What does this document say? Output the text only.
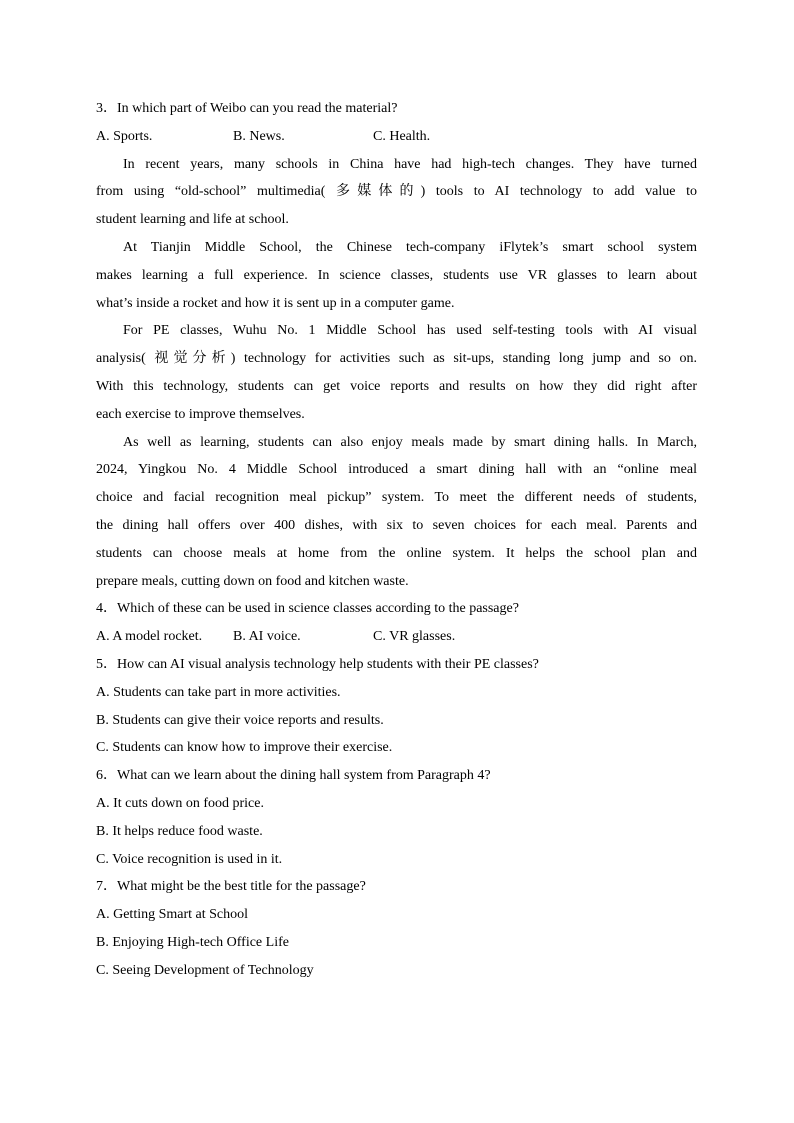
3．In which part of Weibo can you read the material?
A. Sports.	B. News.	C. Health.
In recent years, many schools in China have had high-tech changes. They have turned
from using “old-school” multimedia( 多媒体的) tools to AI technology to add value to
student learning and life at school.
At Tianjin Middle School, the Chinese tech-company iFlytek’s smart school system
makes learning a full experience. In science classes, students use VR glasses to learn about
what’s inside a rocket and how it is sent up in a computer game.
For PE classes, Wuhu No. 1 Middle School has used self-testing tools with AI visual
analysis( 视觉分析) technology for activities such as sit-ups, standing long jump and so on.
With this technology, students can get voice reports and results on how they did right after
each exercise to improve themselves.
As well as learning, students can also enjoy meals made by smart dining halls. In March,
2024, Yingkou No. 4 Middle School introduced a smart dining hall with an “online meal
choice and facial recognition meal pickup” system. To meet the different needs of students,
the dining hall offers over 400 dishes, with six to seven choices for each meal. Parents and
students can choose meals at home from the online system. It helps the school plan and
prepare meals, cutting down on food and kitchen waste.
4．Which of these can be used in science classes according to the passage?
A. A model rocket. B. AI voice.	C. VR glasses.
5．How can AI visual analysis technology help students with their PE classes?
A. Students can take part in more activities.
B. Students can give their voice reports and results.
C. Students can know how to improve their exercise.
6．What can we learn about the dining hall system from Paragraph 4?
A. It cuts down on food price.
B. It helps reduce food waste.
C. Voice recognition is used in it.
7．What might be the best title for the passage?
A. Getting Smart at School
B. Enjoying High-tech Office Life
C. Seeing Development of Technology
